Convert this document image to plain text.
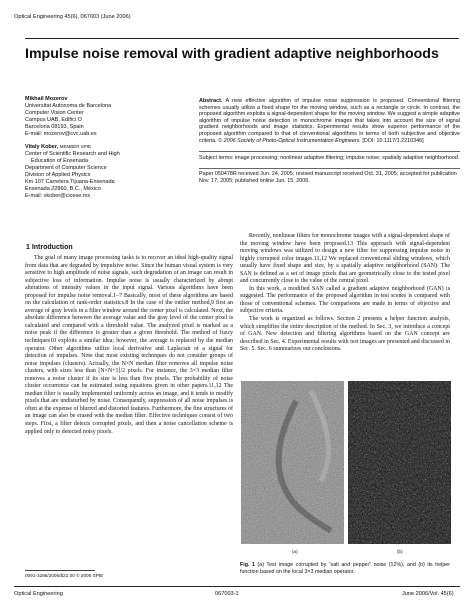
Optical Engineering 45(6), 067003 (June 2006)
Impulse noise removal with gradient adaptive neighborhoods
Mikhail Mozerov
Universitat Autonoma de Barcelona
Computer Vision Center
Campus UAB, Edifici O
Barcelona 08193, Spain
E-mail: mozerov@cvc.uab.es
Vitaly Kober, MEMBER SPIE
Center of Scientific Research and High
Education of Ensenada
Department of Computer Science
Division of Applied Physics
Km 107 Carretera Tijuana-Ensenada
Ensenada 22860, B.C., México
E-mail: vkober@cicese.mx
Abstract. A new effective algorithm of impulse noise suppression is proposed. Conventional filtering schemes usually utilize a fixed shape for the moving window, such as a rectangle or circle. In contrast, the proposed algorithm exploits a signal-dependent shape for the moving window. We suggest a simple adaptive algorithm of impulse noise detection in monochrome images that takes into account the size of signal gradient neighborhoods and image statistics. Experimental results show superior performance of the proposed algorithm compared to that of conventional algorithms in terms of both subjective and objective criteria. © 2006 Society of Photo-Optical Instrumentation Engineers. [DOI: 10.1117/1.2210346]
Subject terms: image processing; nonlinear adaptive filtering; impulse noise; spatially adaptive neighborhood.
Paper 050478R received Jun. 24, 2005; revised manuscript received Oct. 31, 2005; accepted for publication Nov. 17, 2005; published online Jun. 15, 2006.
1 Introduction

The goal of many image processing tasks is to recover an ideal high-quality signal from data that are degraded by impulsive noise. Since the human visual system is very sensitive to high amplitude of noise signals, such degradation of an image can result in subjective loss of information. Impulse noise is usually characterized by abrupt alterations of intensity values in the input signal. Various algorithms have been proposed for impulse noise removal.1–7 Basically, most of these algorithms are based on the calculation of rank-order statistics.8 In the case of the outlier method,9 first an average of gray levels in a filter window around the center pixel is calculated. Next, the absolute difference between the average value and the gray level of the center pixel is calculated and compared with a threshold value. The analyzed pixel is marked as a noise peak if the difference is greater than a given threshold. The method of fuzzy techniques10 exploits a similar idea; however, the average is replaced by the median operator. Other algorithms utilize local derivative and Laplacian of a signal for detection of impulses. Note that most existing techniques do not consider groups of noise impulses (clusters). Actually, the N×N median filter removes all impulse noise clusters, with sizes less than [N×N+1]/2 pixels. For instance, the 3×3 median filter removes a noise cluster if its size is less than five pixels. The probability of noise cluster occurrence can be estimated using equations given in other papers.11,12 The median filter is usually implemented uniformly across an image, and it tends to modify pixels that are undisturbed by noise. Consequently, suppression of all noise impulses is often at the expense of blurred and distorted features. Furthermore, the fine structures of an image can also be erased with the median filter. Effective techniques consist of two steps. First, a filter detects corrupted pixels, and then a noise cancellation scheme is applied only to detected noisy pixels.

Recently, nonlinear filters for monochrome images with a signal-dependent shape of the moving window have been proposed.13 This approach with signal-dependent moving windows was utilized to design a new filter for suppressing impulse noise in highly corrupted color images.11,12 We replaced conventional sliding windows, which usually have fixed shape and size, by a spatially adaptive neighborhood (SAN). The SAN is defined as a set of image pixels that are geometrically close to the tested pixel and concurrently close to the value of the central pixel.

In this work, a modified SAN called a gradient adaptive neighborhood (GAN) is suggested. The performance of the proposed algorithm in test scenes is compared with those of conventional schemes. The comparisons are made in terms of objective and subjective criteria.

The work is organized as follows. Section 2 presents a helper function analysis, which simplifies the entire description of the method. In Sec. 3, we introduce a concept of GAN. New detection and filtering algorithms based on the GAN concept are described in Sec. 4. Experimental results with test images are presented and discussed in Sec. 5. Sec. 6 summarizes our conclusions.

(a)	(b)
Fig. 1 (a) Test image corrupted by “salt and pepper” noise (12%), and (b) its helper function based on the local 3×3 median operator.
0091-3286/2006/$22.00 © 2006 SPIE
Optical Engineering	067003-1	June 2006/Vol. 45(6)
